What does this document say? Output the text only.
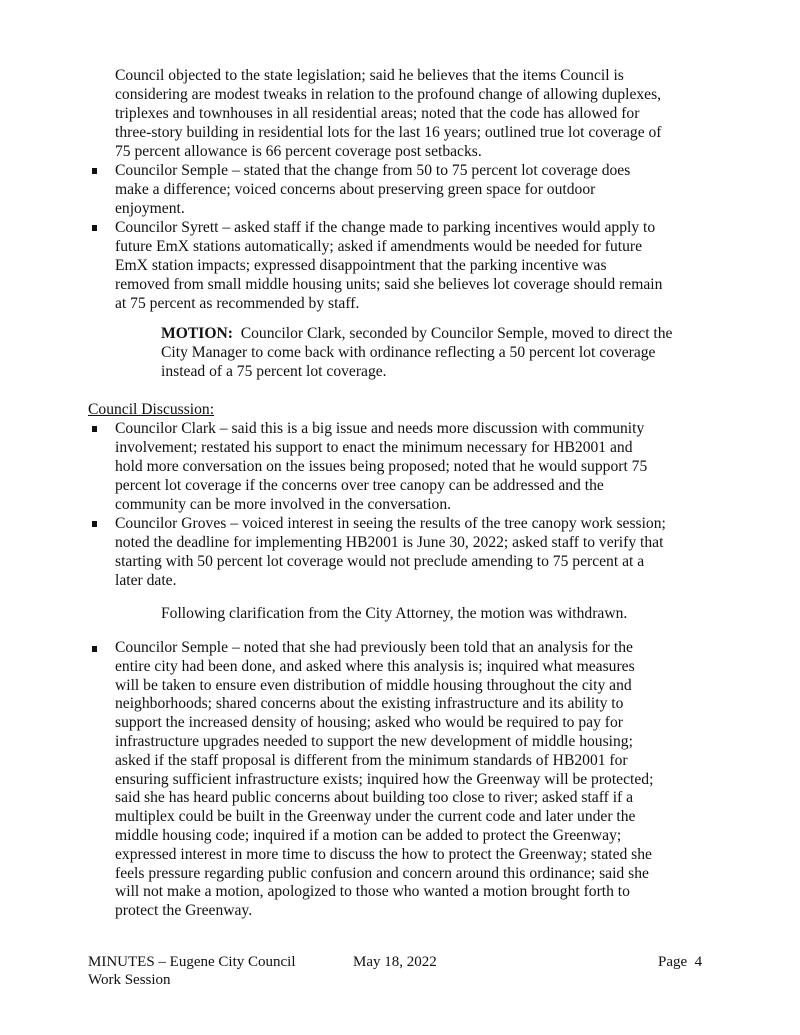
Council objected to the state legislation; said he believes that the items Council is
considering are modest tweaks in relation to the profound change of allowing duplexes,
triplexes and townhouses in all residential areas; noted that the code has allowed for
three-story building in residential lots for the last 16 years; outlined true lot coverage of
75 percent allowance is 66 percent coverage post setbacks.
Councilor Semple – stated that the change from 50 to 75 percent lot coverage does
make a difference; voiced concerns about preserving green space for outdoor
enjoyment.
Councilor Syrett – asked staff if the change made to parking incentives would apply to
future EmX stations automatically; asked if amendments would be needed for future
EmX station impacts; expressed disappointment that the parking incentive was
removed from small middle housing units; said she believes lot coverage should remain
at 75 percent as recommended by staff.
MOTION:  Councilor Clark, seconded by Councilor Semple, moved to direct the
City Manager to come back with ordinance reflecting a 50 percent lot coverage
instead of a 75 percent lot coverage.
Council Discussion:
Councilor Clark – said this is a big issue and needs more discussion with community
involvement; restated his support to enact the minimum necessary for HB2001 and
hold more conversation on the issues being proposed; noted that he would support 75
percent lot coverage if the concerns over tree canopy can be addressed and the
community can be more involved in the conversation.
Councilor Groves – voiced interest in seeing the results of the tree canopy work session;
noted the deadline for implementing HB2001 is June 30, 2022; asked staff to verify that
starting with 50 percent lot coverage would not preclude amending to 75 percent at a
later date.
Following clarification from the City Attorney, the motion was withdrawn.
Councilor Semple – noted that she had previously been told that an analysis for the
entire city had been done, and asked where this analysis is; inquired what measures
will be taken to ensure even distribution of middle housing throughout the city and
neighborhoods; shared concerns about the existing infrastructure and its ability to
support the increased density of housing; asked who would be required to pay for
infrastructure upgrades needed to support the new development of middle housing;
asked if the staff proposal is different from the minimum standards of HB2001 for
ensuring sufficient infrastructure exists; inquired how the Greenway will be protected;
said she has heard public concerns about building too close to river; asked staff if a
multiplex could be built in the Greenway under the current code and later under the
middle housing code; inquired if a motion can be added to protect the Greenway;
expressed interest in more time to discuss the how to protect the Greenway; stated she
feels pressure regarding public confusion and concern around this ordinance; said she
will not make a motion, apologized to those who wanted a motion brought forth to
protect the Greenway.
MINUTES – Eugene City Council
Work Session
May 18, 2022	Page  4
